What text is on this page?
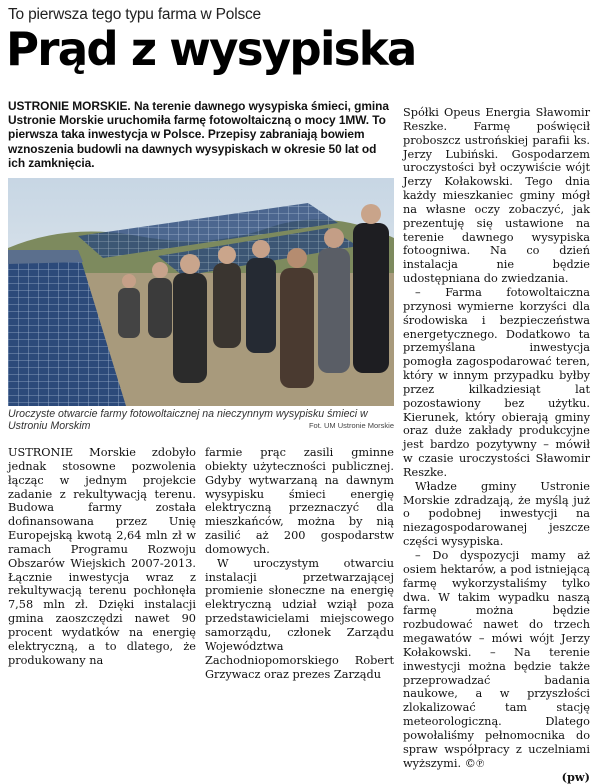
To pierwsza tego typu farma w Polsce
Prąd z wysypiska
USTRONIE MORSKIE. Na terenie dawnego wysypiska śmieci, gmina Ustronie Morskie uruchomiła farmę fotowoltaiczną o mocy 1MW. To pierwsza taka inwestycja w Polsce. Przepisy zabraniają bowiem wznoszenia budowli na dawnych wysypiskach w okresie 50 lat od ich zamknięcia.
Uroczyste otwarcie farmy fotowoltaicznej na nieczynnym wysypisku śmieci w Ustroniu Morskim	Fot. UM Ustronie Morskie

USTRONIE Morskie zdobyło jednak stosowne pozwolenia łącząc w jednym projekcie zadanie z rekultywacją terenu. Budowa farmy została dofinansowana przez Unię Europejską kwotą 2,64 mln zł w ramach Programu Rozwoju Obszarów Wiejskich 2007-2013. Łącznie inwestycja wraz z rekultywacją terenu pochłonęła 7,58 mln zł. Dzięki instalacji gmina zaoszczędzi nawet 90 procent wydatków na energię elektryczną, a to dlatego, że produkowany na

farmie prąc zasili gminne obiekty użyteczności publicznej. Gdyby wytwarzaną na dawnym wysypisku śmieci energię elektryczną przeznaczyć dla mieszkańców, można by nią zasilić aż 200 gospodarstw domowych.

W uroczystym otwarciu instalacji przetwarzającej promienie słoneczne na energię elektryczną udział wziął poza przedstawicielami miejscowego samorządu, członek Zarządu Województwa Zachodniopomorskiego Robert Grzywacz oraz prezes Zarządu

Spółki Opeus Energia Sławomir Reszke. Farmę poświęcił proboszcz ustrońskiej parafii ks. Jerzy Lubiński. Gospodarzem uroczystości był oczywiście wójt Jerzy Kołakowski. Tego dnia każdy mieszkaniec gminy mógł na własne oczy zobaczyć, jak prezentuję się ustawione na terenie dawnego wysypiska fotoogniwa. Na co dzień instalacja nie będzie udostępniana do zwiedzania.

– Farma fotowoltaiczna przynosi wymierne korzyści dla środowiska i bezpieczeństwa energetycznego. Dodatkowo ta przemyślana inwestycja pomogła zagospodarować teren, który w innym przypadku byłby przez kilkadziesiąt lat pozostawiony bez użytku. Kierunek, który obierają gminy oraz duże zakłady produkcyjne jest bardzo pozytywny – mówił w czasie uroczystości Sławomir Reszke.

Władze gminy Ustronie Morskie zdradzają, że myślą już o podobnej inwestycji na niezagospodarowanej jeszcze części wysypiska.

– Do dyspozycji mamy aż osiem hektarów, a pod istniejącą farmę wykorzystaliśmy tylko dwa. W takim wypadku naszą farmę można będzie rozbudować nawet do trzech megawatów – mówi wójt Jerzy Kołakowski. – Na terenie inwestycji można będzie także przeprowadzać badania naukowe, a w przyszłości zlokalizować tam stację meteorologiczną. Dlatego powołaliśmy pełnomocnika do spraw współpracy z uczelniami wyższymi. ©℗

(pw)
